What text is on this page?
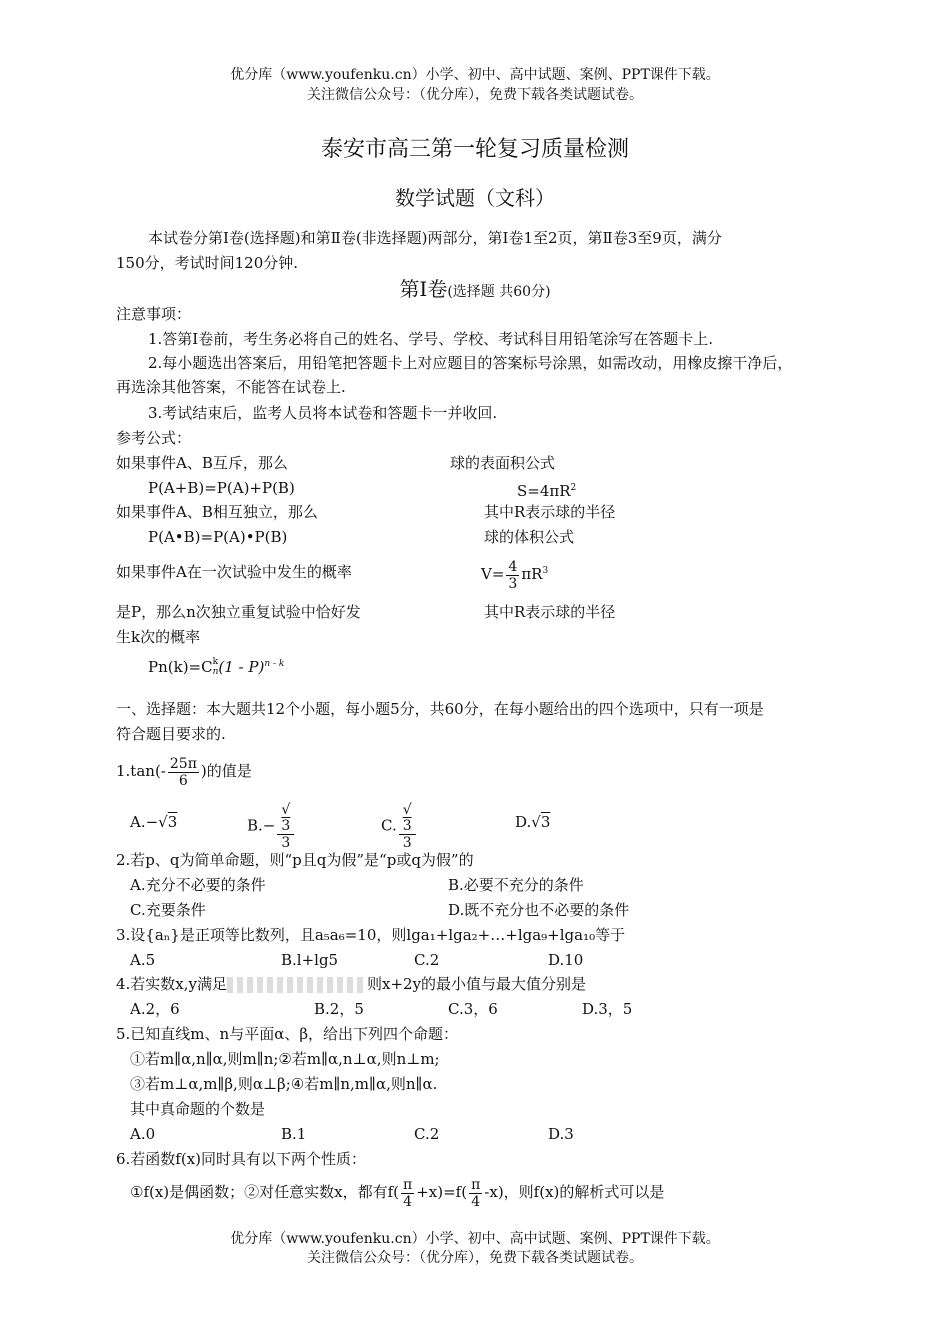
优分库（www.youfenku.cn）小学、初中、高中试题、案例、PPT课件下载。
关注微信公众号：（优分库），免费下载各类试题试卷。
泰安市高三第一轮复习质量检测
数学试题（文科）
本试卷分第Ⅰ卷(选择题)和第Ⅱ卷(非选择题)两部分，第Ⅰ卷1至2页，第Ⅱ卷3至9页，满分
150分，考试时间120分钟.
第Ⅰ卷(选择题 共60分)
注意事项：
1.答第Ⅰ卷前，考生务必将自己的姓名、学号、学校、考试科目用铅笔涂写在答题卡上.
2.每小题选出答案后，用铅笔把答题卡上对应题目的答案标号涂黑，如需改动，用橡皮擦干净后，
再选涂其他答案，不能答在试卷上.
3.考试结束后，监考人员将本试卷和答题卡一并收回.
参考公式：
如果事件A、B互斥，那么	球的表面积公式
P(A+B)=P(A)+P(B)	$S=4\pi R^2$
如果事件A、B相互独立，那么	其中R表示球的半径
P(A•B)=P(A)•P(B)	球的体积公式
如果事件A在一次试验中发生的概率	$V= \frac{4}{3} \pi R^3$
是P，那么n次独立重复试验中恰好发	其中R表示球的半径
生k次的概率
Pn(k)=C k
n (1 - P)$^{n - k}$
一、选择题：本大题共12个小题，每小题5分，共60分，在每小题给出的四个选项中，只有一项是
符合题目要求的.
$1.\tan(- \frac{25\pi}{6}$ )的值是
A.−√3	B.− √
3
3	C. √
3
3	D.√3
2.若p、q为简单命题，则“p且q为假”是“p或q为假”的
A.充分不必要的条件	B.必要不充分的条件
C.充要条件	D.既不充分也不必要的条件
3.设{aₙ}是正项等比数列，且a₅a₆=10，则lga₁+lga₂+…+lga₉+lga₁₀等于
A.5	B.l+lg5	C.2	D.10
4.若实数x,y满足	则x+2y的最小值与最大值分别是
A.2，6	B.2，5	C.3，6	D.3，5
5.已知直线m、n与平面α、β，给出下列四个命题：
①若m∥α,n∥α,则m∥n;②若m∥α,n⊥α,则n⊥m;
③若m⊥α,m∥β,则α⊥β;④若m∥n,m∥α,则n∥α.
其中真命题的个数是
A.0	B.1	C.2	D.3
6.若函数f(x)同时具有以下两个性质：
①f(x)是偶函数；②对任意实数x，都有$f( \frac{\pi}{4} +x)=f( \frac{\pi}{4} -x)$，则f(x)的解析式可以是
优分库（www.youfenku.cn）小学、初中、高中试题、案例、PPT课件下载。
关注微信公众号：（优分库），免费下载各类试题试卷。
